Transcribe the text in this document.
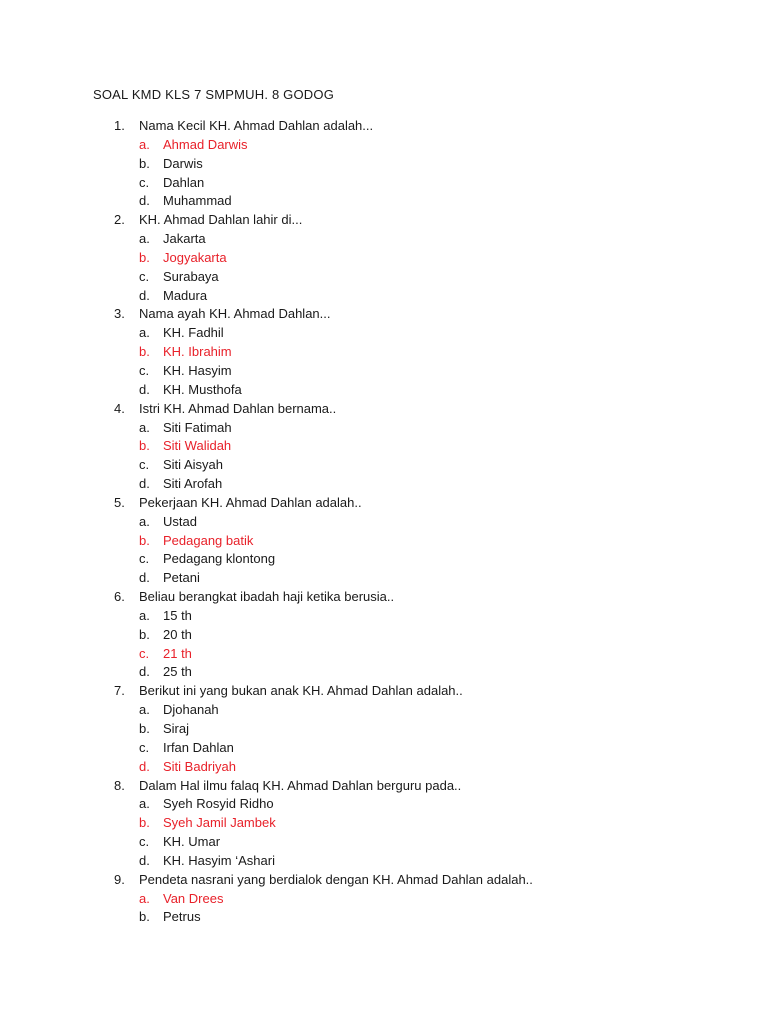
SOAL KMD KLS 7 SMPMUH. 8 GODOG
1. Nama Kecil KH. Ahmad Dahlan adalah...
a. Ahmad Darwis
b. Darwis
c. Dahlan
d. Muhammad
2. KH. Ahmad Dahlan lahir di...
a. Jakarta
b. Jogyakarta
c. Surabaya
d. Madura
3. Nama ayah KH. Ahmad Dahlan...
a. KH. Fadhil
b. KH. Ibrahim
c. KH. Hasyim
d. KH. Musthofa
4. Istri KH. Ahmad Dahlan bernama..
a. Siti Fatimah
b. Siti Walidah
c. Siti Aisyah
d. Siti Arofah
5. Pekerjaan KH. Ahmad Dahlan adalah..
a. Ustad
b. Pedagang batik
c. Pedagang klontong
d. Petani
6. Beliau berangkat ibadah haji ketika berusia..
a. 15 th
b. 20 th
c. 21 th
d. 25 th
7. Berikut ini yang bukan anak KH. Ahmad Dahlan adalah..
a. Djohanah
b. Siraj
c. Irfan Dahlan
d. Siti Badriyah
8. Dalam Hal ilmu falaq KH. Ahmad Dahlan berguru pada..
a. Syeh Rosyid Ridho
b. Syeh Jamil Jambek
c. KH. Umar
d. KH. Hasyim ‘Ashari
9. Pendeta nasrani yang berdialok dengan KH. Ahmad Dahlan adalah..
a. Van Drees
b. Petrus
